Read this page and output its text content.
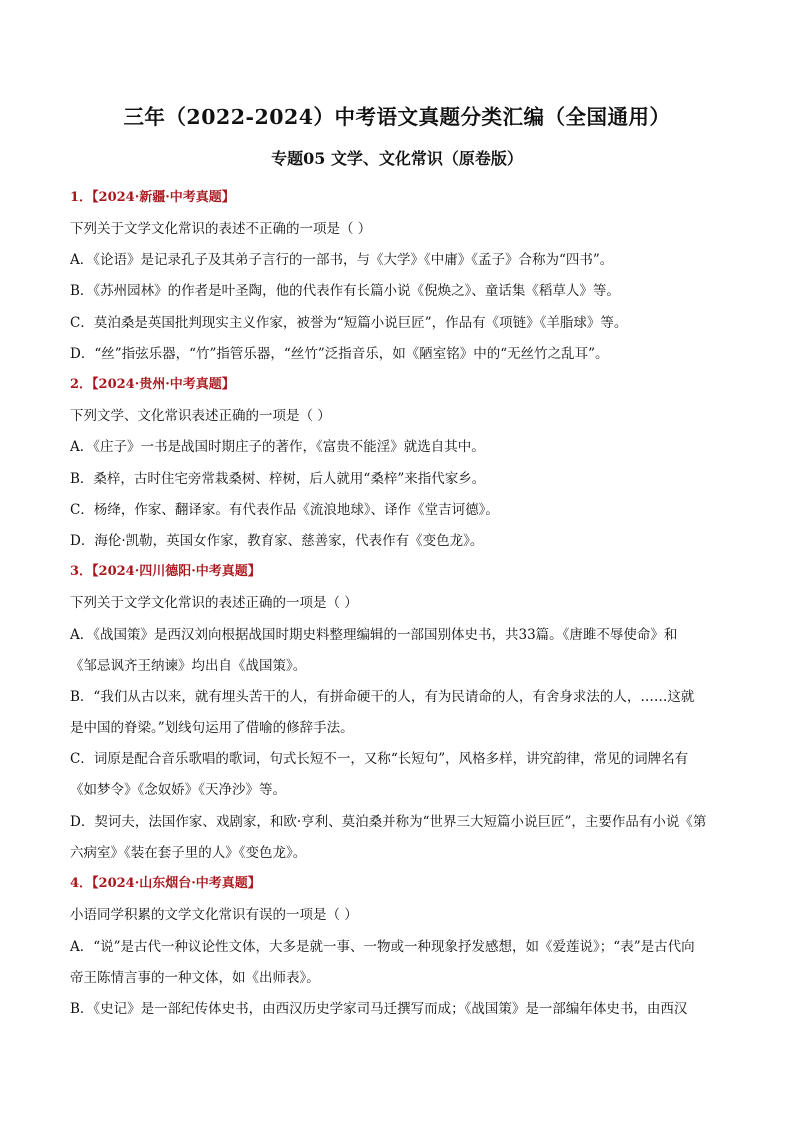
三年（2022-2024）中考语文真题分类汇编（全国通用）
专题05 文学、文化常识（原卷版）
1．【2024·新疆·中考真题】
下列关于文学文化常识的表述不正确的一项是（ ）
A．《论语》是记录孔子及其弟子言行的一部书，与《大学》《中庸》《孟子》合称为“四书”。
B．《苏州园林》的作者是叶圣陶，他的代表作有长篇小说《倪焕之》、童话集《稻草人》等。
C．莫泊桑是英国批判现实主义作家，被誉为“短篇小说巨匠”，作品有《项链》《羊脂球》等。
D．“丝”指弦乐器，“竹”指管乐器，“丝竹”泛指音乐，如《陋室铭》中的“无丝竹之乱耳”。
2．【2024·贵州·中考真题】
下列文学、文化常识表述正确的一项是（ ）
A．《庄子》一书是战国时期庄子的著作，《富贵不能淫》就选自其中。
B．桑梓，古时住宅旁常栽桑树、梓树，后人就用“桑梓”来指代家乡。
C．杨绛，作家、翻译家。有代表作品《流浪地球》、译作《堂吉诃德》。
D．海伦·凯勒，英国女作家，教育家、慈善家，代表作有《变色龙》。
3．【2024·四川德阳·中考真题】
下列关于文学文化常识的表述正确的一项是（ ）
A．《战国策》是西汉刘向根据战国时期史料整理编辑的一部国别体史书，共33篇。《唐雎不辱使命》和
《邹忌讽齐王纳谏》均出自《战国策》。
B．“我们从古以来，就有埋头苦干的人，有拼命硬干的人，有为民请命的人，有舍身求法的人，……这就
是中国的脊梁。”划线句运用了借喻的修辞手法。
C．词原是配合音乐歌唱的歌词，句式长短不一，又称“长短句”，风格多样，讲究韵律，常见的词牌名有
《如梦令》《念奴娇》《天净沙》等。
D．契诃夫，法国作家、戏剧家，和欧·亨利、莫泊桑并称为“世界三大短篇小说巨匠”，主要作品有小说《第
六病室》《装在套子里的人》《变色龙》。
4．【2024·山东烟台·中考真题】
小语同学积累的文学文化常识有误的一项是（ ）
A．“说”是古代一种议论性文体，大多是就一事、一物或一种现象抒发感想，如《爱莲说》；“表”是古代向
帝王陈情言事的一种文体，如《出师表》。
B．《史记》是一部纪传体史书，由西汉历史学家司马迁撰写而成；《战国策》是一部编年体史书，由西汉
